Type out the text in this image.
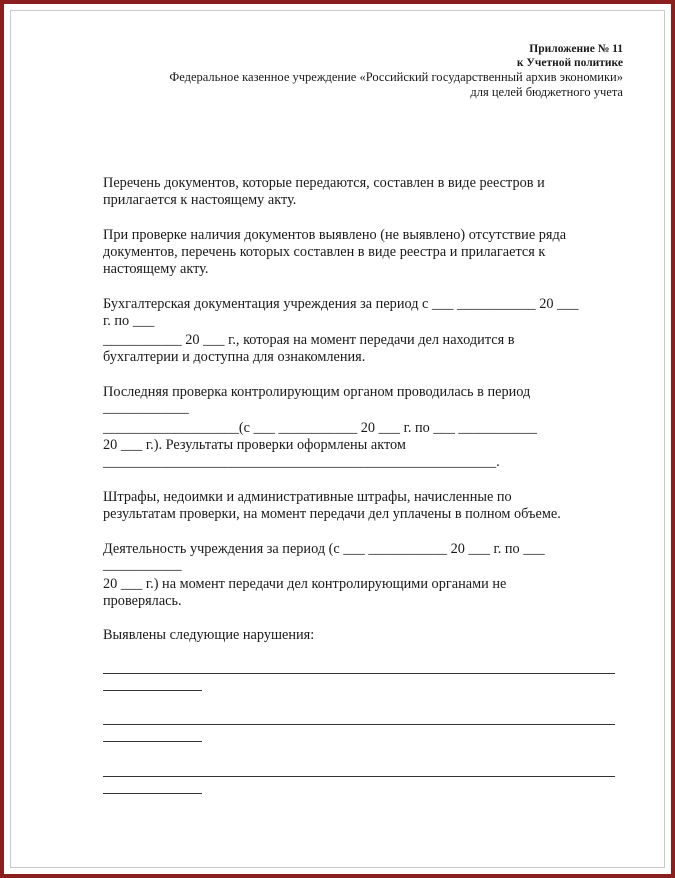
Приложение № 11
к Учетной политике
Федеральное казенное учреждение «Российский государственный архив экономики»
для целей бюджетного учета
Перечень документов, которые передаются, составлен в виде реестров и
прилагается к настоящему акту.
При проверке наличия документов выявлено (не выявлено) отсутствие ряда
документов, перечень которых составлен в виде реестра и прилагается к
настоящему акту.
Бухгалтерская документация учреждения за период с ___ ___________ 20 ___
г. по ___
___________ 20 ___ г., которая на момент передачи дел находится в
бухгалтерии и доступна для ознакомления.
Последняя проверка контролирующим органом проводилась в период
____________
___________________(с ___ ___________ 20 ___ г. по ___ ___________
20 ___ г.). Результаты проверки оформлены актом
_______________________________________________________.
Штрафы, недоимки и административные штрафы, начисленные по
результатам проверки, на момент передачи дел уплачены в полном объеме.
Деятельность учреждения за период (с ___ ___________ 20 ___ г. по ___
___________
20 ___ г.) на момент передачи дел контролирующими органами не
проверялась.
Выявлены следующие нарушения:
